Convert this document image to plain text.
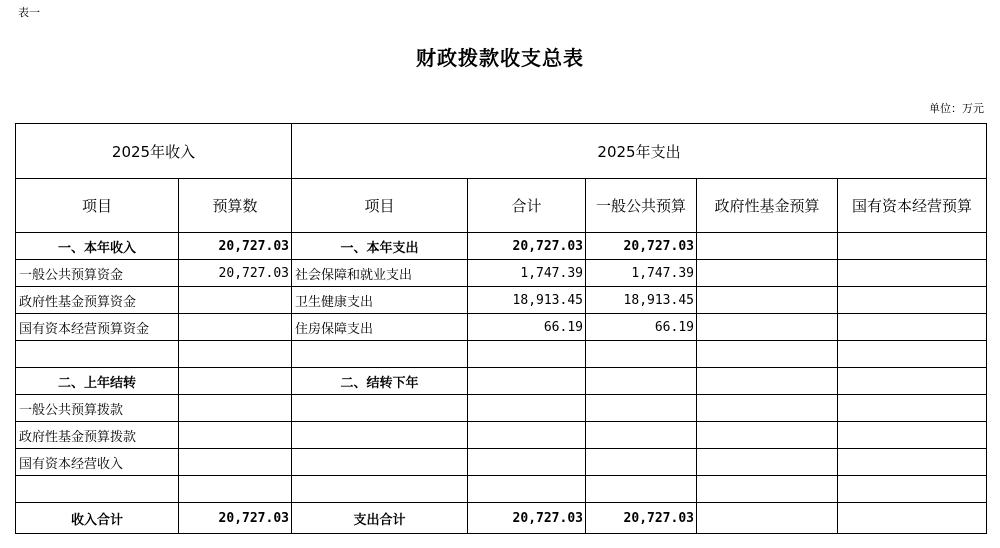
表一
财政拨款收支总表
单位：万元
2025年收入		2025年支出				
项目	预算数	项目	合计	一般公共预算	政府性基金预算	国有资本经营预算
一、本年收入	20,727.03	一、本年支出	20,727.03	20,727.03		
一般公共预算资金	20,727.03	社会保障和就业支出	1,747.39	1,747.39		
政府性基金预算资金		卫生健康支出	18,913.45	18,913.45		
国有资本经营预算资金		住房保障支出	66.19	66.19		

二、上年结转		二、结转下年				
一般公共预算拨款						
政府性基金预算拨款						
国有资本经营收入						

收入合计	20,727.03	支出合计	20,727.03	20,727.03		
